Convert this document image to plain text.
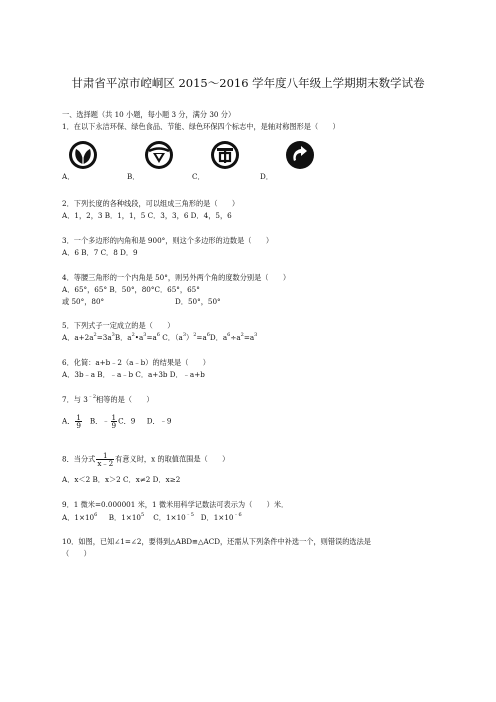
甘肃省平凉市崆峒区 2015～2016 学年度八年级上学期期末数学试卷
一、选择题（共 10 小题，每小题 3 分，满分 30 分）
1．在以下永洁环保、绿色食品、节能、绿色环保四个标志中，是轴对称图形是（　　）
A．	B．	C．	D．
2．下列长度的各种线段，可以组成三角形的是（　　）
A．1，2，3 B．1，1，5 C．3，3，6 D．4，5，6
3．一个多边形的内角和是 900°，则这个多边形的边数是（　　）
A．6 B．7 C．8 D．9
4．等腰三角形的一个内角是 50°，则另外两个角的度数分别是（　　）
A．65°，65° B．50°，80°C．65°，65°
或 50°，80°	D．50°，50°
5．下列式子一定成立的是（　　）
A．$a+2a^2=3a^3B$．$a^2•a^3=a^6$ C．$(a^3)^2=a^6D$．$a^6\div a^2=a^3$
6．化简：a+b﹣2（a﹣b）的结果是（　　）
A．3b﹣a B．﹣a﹣b C．a+3b D．﹣a+b
7．与 $3^{﹣2}$相等的是（　　）
A． $\frac{1}{9}$ B．﹣ $\frac{1}{9}$ C．9 D．﹣9
8．当分式 $\frac{1}{x﹣2}$ 有意义时，x 的取值范围是（　　）
A．x＜2 B．x＞2 C．x≠2 D．x≥2
9．1 微米=0.000001 米，1 微米用科学记数法可表示为（　　）米．
A．$1\times 10^6$ B．$1\times 10^5$ C．$1\times 10^{﹣5}$ D．$1\times 10^{﹣6}$
10．如图，已知∠1=∠2，要得到△ABD≌△ACD，还需从下列条件中补选一个，则错误的选法是
（　　）
